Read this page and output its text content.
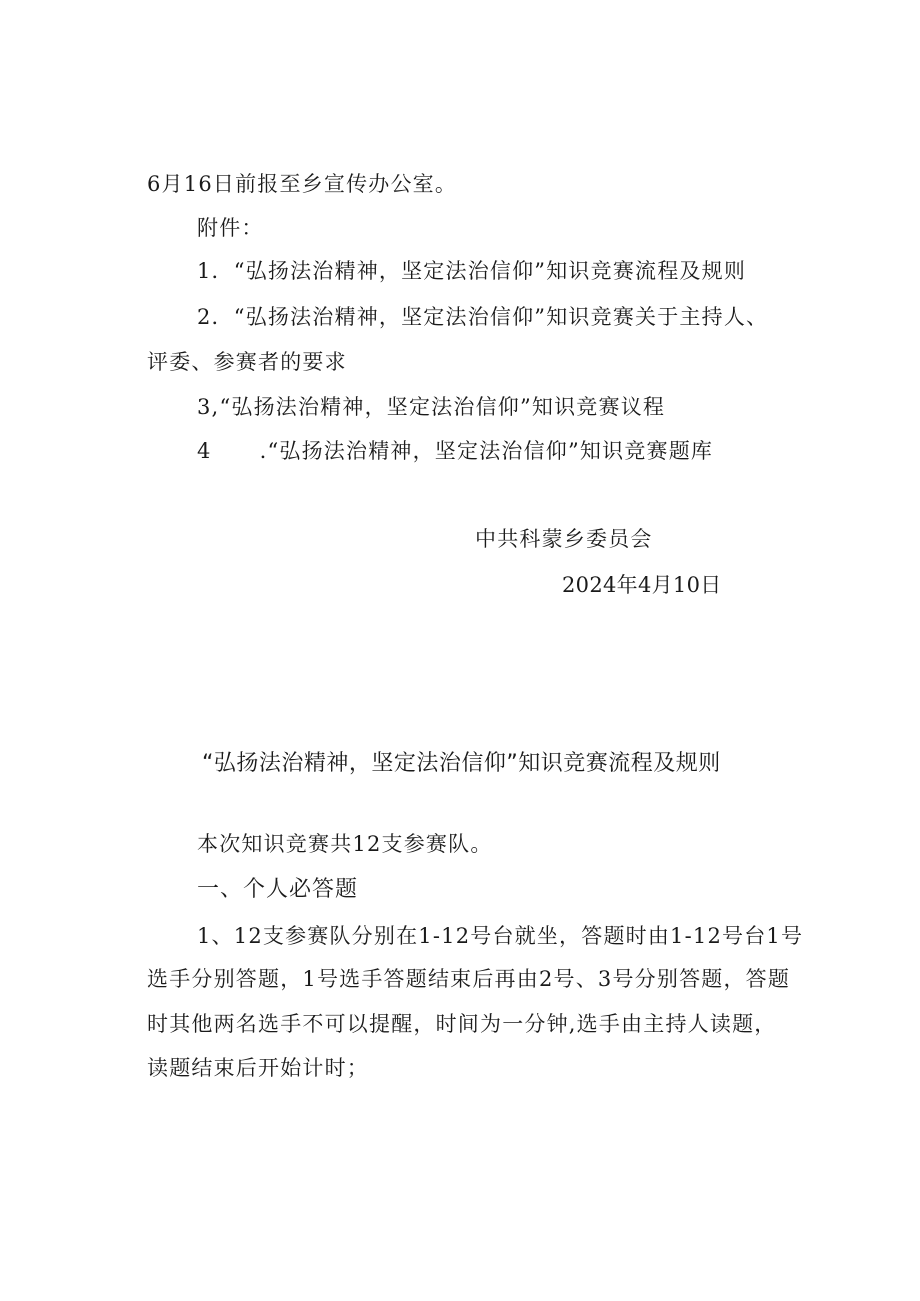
6月16日前报至乡宣传办公室。
附件：
1．“弘扬法治精神，坚定法治信仰”知识竞赛流程及规则
2．“弘扬法治精神，坚定法治信仰”知识竞赛关于主持人、
评委、参赛者的要求
3,“弘扬法治精神，坚定法治信仰”知识竞赛议程
4 .“弘扬法治精神，坚定法治信仰”知识竞赛题库
中共科蒙乡委员会
2024年4月10日
“弘扬法治精神，坚定法治信仰”知识竞赛流程及规则
本次知识竞赛共12支参赛队。
一、个人必答题
1、12支参赛队分别在1-12号台就坐，答题时由1-12号台1号
选手分别答题，1号选手答题结束后再由2号、3号分别答题，答题
时其他两名选手不可以提醒，时间为一分钟,选手由主持人读题，
读题结束后开始计时；
